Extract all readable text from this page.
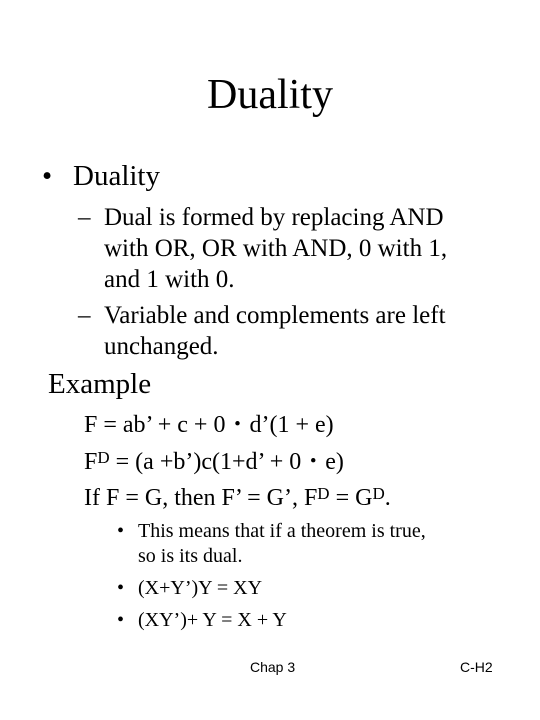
Duality
• Duality
– Dual is formed by replacing AND
with OR, OR with AND, 0 with 1,
and 1 with 0.
– Variable and complements are left
unchanged.
Example
F = ab’ + c + 0・d’(1 + e)
$F^D = (a$ +b’)c(1+d’ + 0・e)
If F = G, then F’ = G’, $F^D = G^D$.
• This means that if a theorem is true,
so is its dual.
• (X+Y’)Y = XY
• (XY’)+ Y = X + Y
Chap 3	C-H2
